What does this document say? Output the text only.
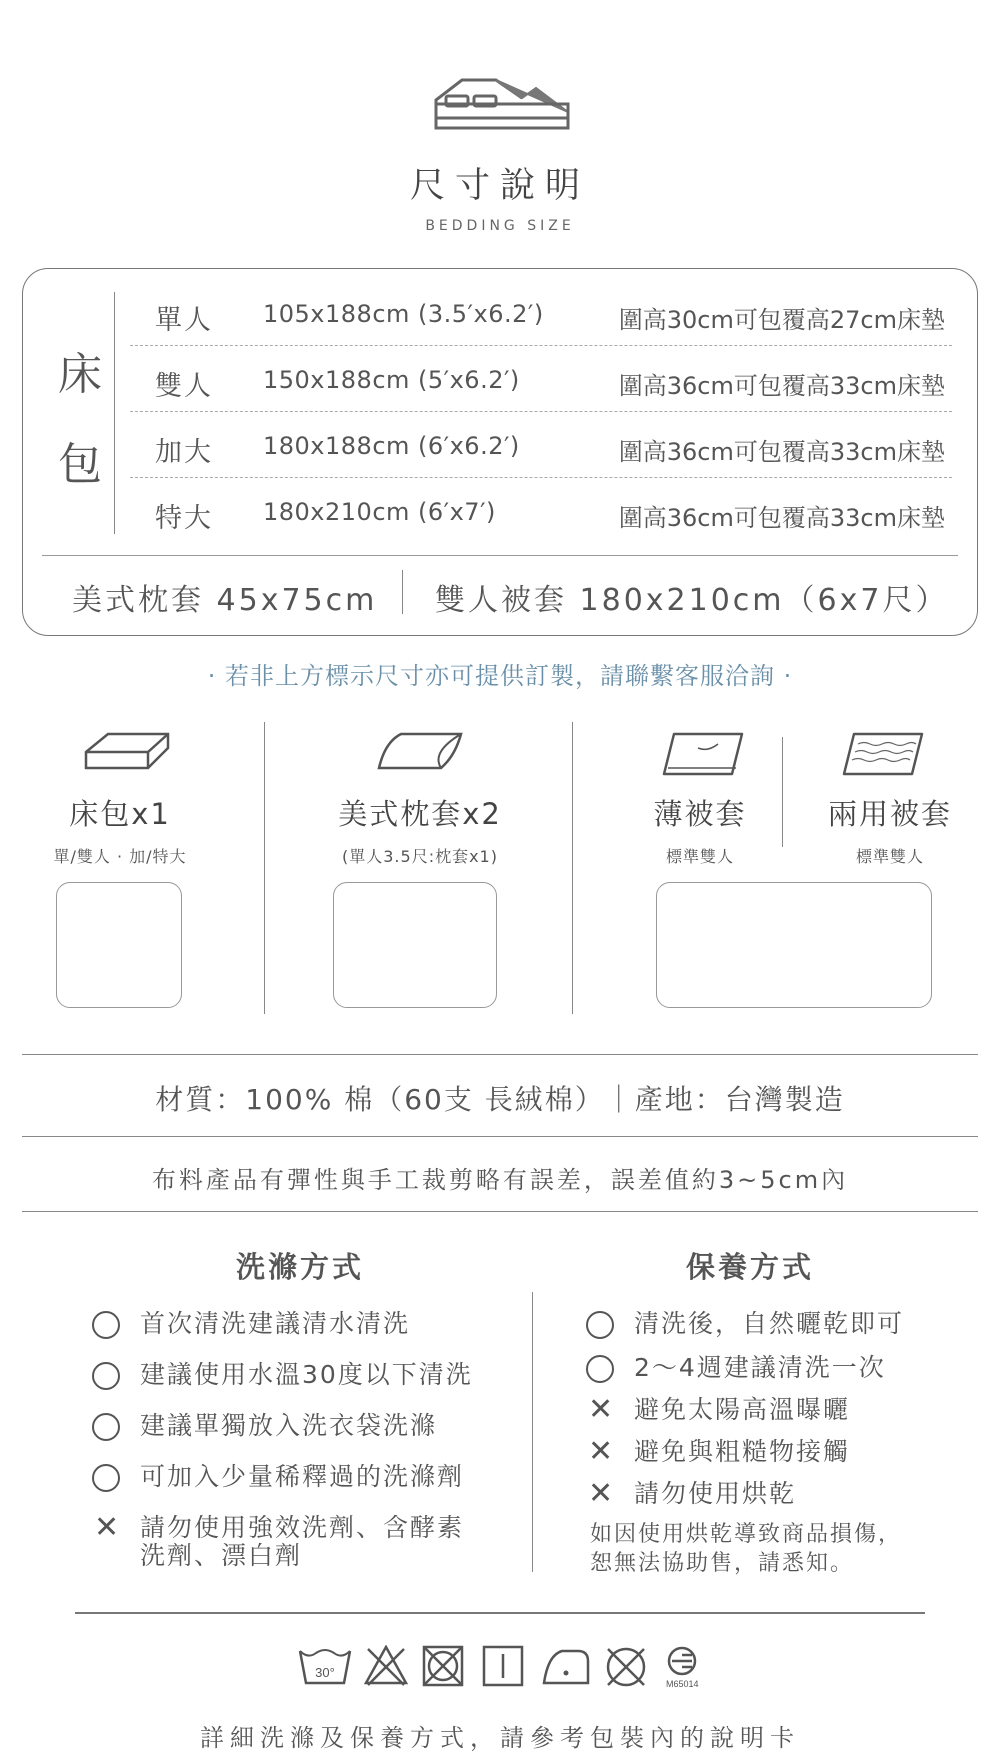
尺寸說明
BEDDING SIZE
床
包
單人 105x188cm (3.5′x6.2′)	圍高30cm可包覆高27cm床墊
雙人 150x188cm (5′x6.2′)	圍高36cm可包覆高33cm床墊
加大 180x188cm (6′x6.2′)	圍高36cm可包覆高33cm床墊
特大 180x210cm (6′x7′)	圍高36cm可包覆高33cm床墊
美式枕套 45x75cm 雙人被套 180x210cm（6x7尺）
· 若非上方標示尺寸亦可提供訂製，請聯繫客服洽詢 ·
床包x1
單/雙人 · 加/特大
美式枕套x2
(單人3.5尺:枕套x1)
薄被套
標準雙人
兩用被套
標準雙人
材質：100% 棉（60支 長絨棉）｜產地：台灣製造
布料產品有彈性與手工裁剪略有誤差，誤差值約3~5cm內
洗滌方式
首次清洗建議清水清洗
建議使用水溫30度以下清洗
建議單獨放入洗衣袋洗滌
可加入少量稀釋過的洗滌劑
✕ 請勿使用強效洗劑、含酵素
洗劑、漂白劑
保養方式
清洗後，自然曬乾即可
2～4週建議清洗一次
✕ 避免太陽高溫曝曬
✕ 避免與粗糙物接觸
✕ 請勿使用烘乾
如因使用烘乾導致商品損傷，
恕無法協助售，請悉知。
30°
M65014
詳細洗滌及保養方式，請參考包裝內的說明卡
